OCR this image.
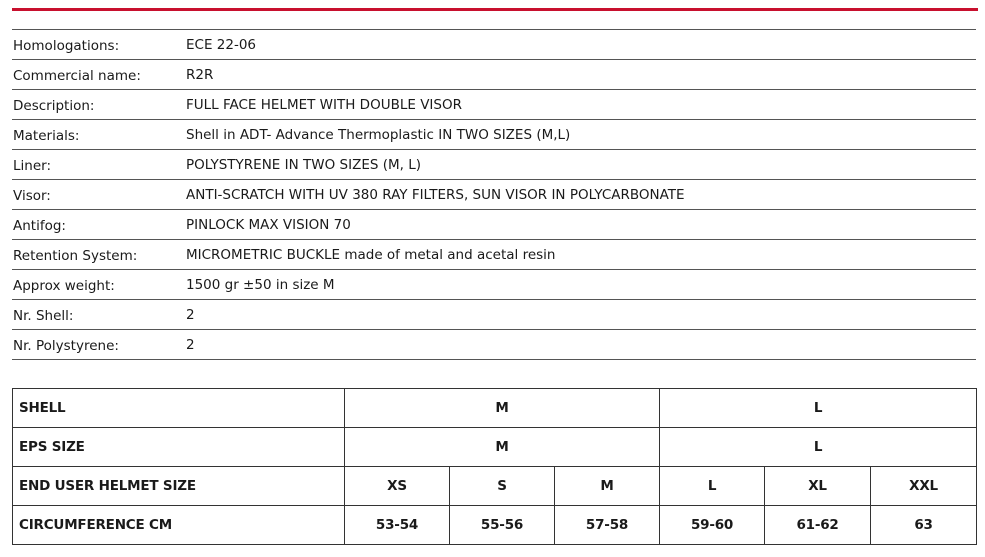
Homologations:	ECE 22-06
Commercial name:	R2R
Description:	FULL FACE HELMET WITH DOUBLE VISOR
Materials:	Shell in ADT- Advance Thermoplastic IN TWO SIZES (M,L)
Liner:	POLYSTYRENE IN TWO SIZES (M, L)
Visor:	ANTI-SCRATCH WITH UV 380 RAY FILTERS, SUN VISOR IN POLYCARBONATE
Antifog:	PINLOCK MAX VISION 70
Retention System:	MICROMETRIC BUCKLE made of metal and acetal resin
Approx weight:	1500 gr ±50 in size M
Nr. Shell:	2
Nr. Polystyrene:	2
SHELL	M			L		
EPS SIZE	M			L		
END USER HELMET SIZE	XS	S	M	L	XL	XXL
CIRCUMFERENCE CM	53-54	55-56	57-58	59-60	61-62	63
